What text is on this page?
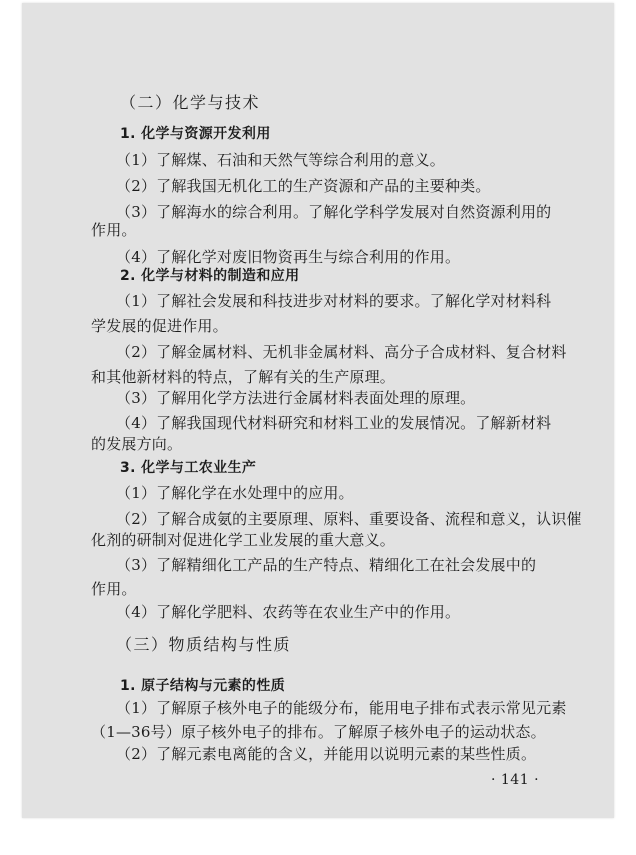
（二）化学与技术
1. 化学与资源开发利用
（1）了解煤、石油和天然气等综合利用的意义。
（2）了解我国无机化工的生产资源和产品的主要种类。
（3）了解海水的综合利用。了解化学科学发展对自然资源利用的
作用。
（4）了解化学对废旧物资再生与综合利用的作用。
2. 化学与材料的制造和应用
（1）了解社会发展和科技进步对材料的要求。了解化学对材料科
学发展的促进作用。
（2）了解金属材料、无机非金属材料、高分子合成材料、复合材料
和其他新材料的特点，了解有关的生产原理。
（3）了解用化学方法进行金属材料表面处理的原理。
（4）了解我国现代材料研究和材料工业的发展情况。了解新材料
的发展方向。
3. 化学与工农业生产
（1）了解化学在水处理中的应用。
（2）了解合成氨的主要原理、原料、重要设备、流程和意义，认识催
化剂的研制对促进化学工业发展的重大意义。
（3）了解精细化工产品的生产特点、精细化工在社会发展中的
作用。
（4）了解化学肥料、农药等在农业生产中的作用。
（三）物质结构与性质
1. 原子结构与元素的性质
（1）了解原子核外电子的能级分布，能用电子排布式表示常见元素
（1—36号）原子核外电子的排布。了解原子核外电子的运动状态。
（2）了解元素电离能的含义，并能用以说明元素的某些性质。
· 141 ·
